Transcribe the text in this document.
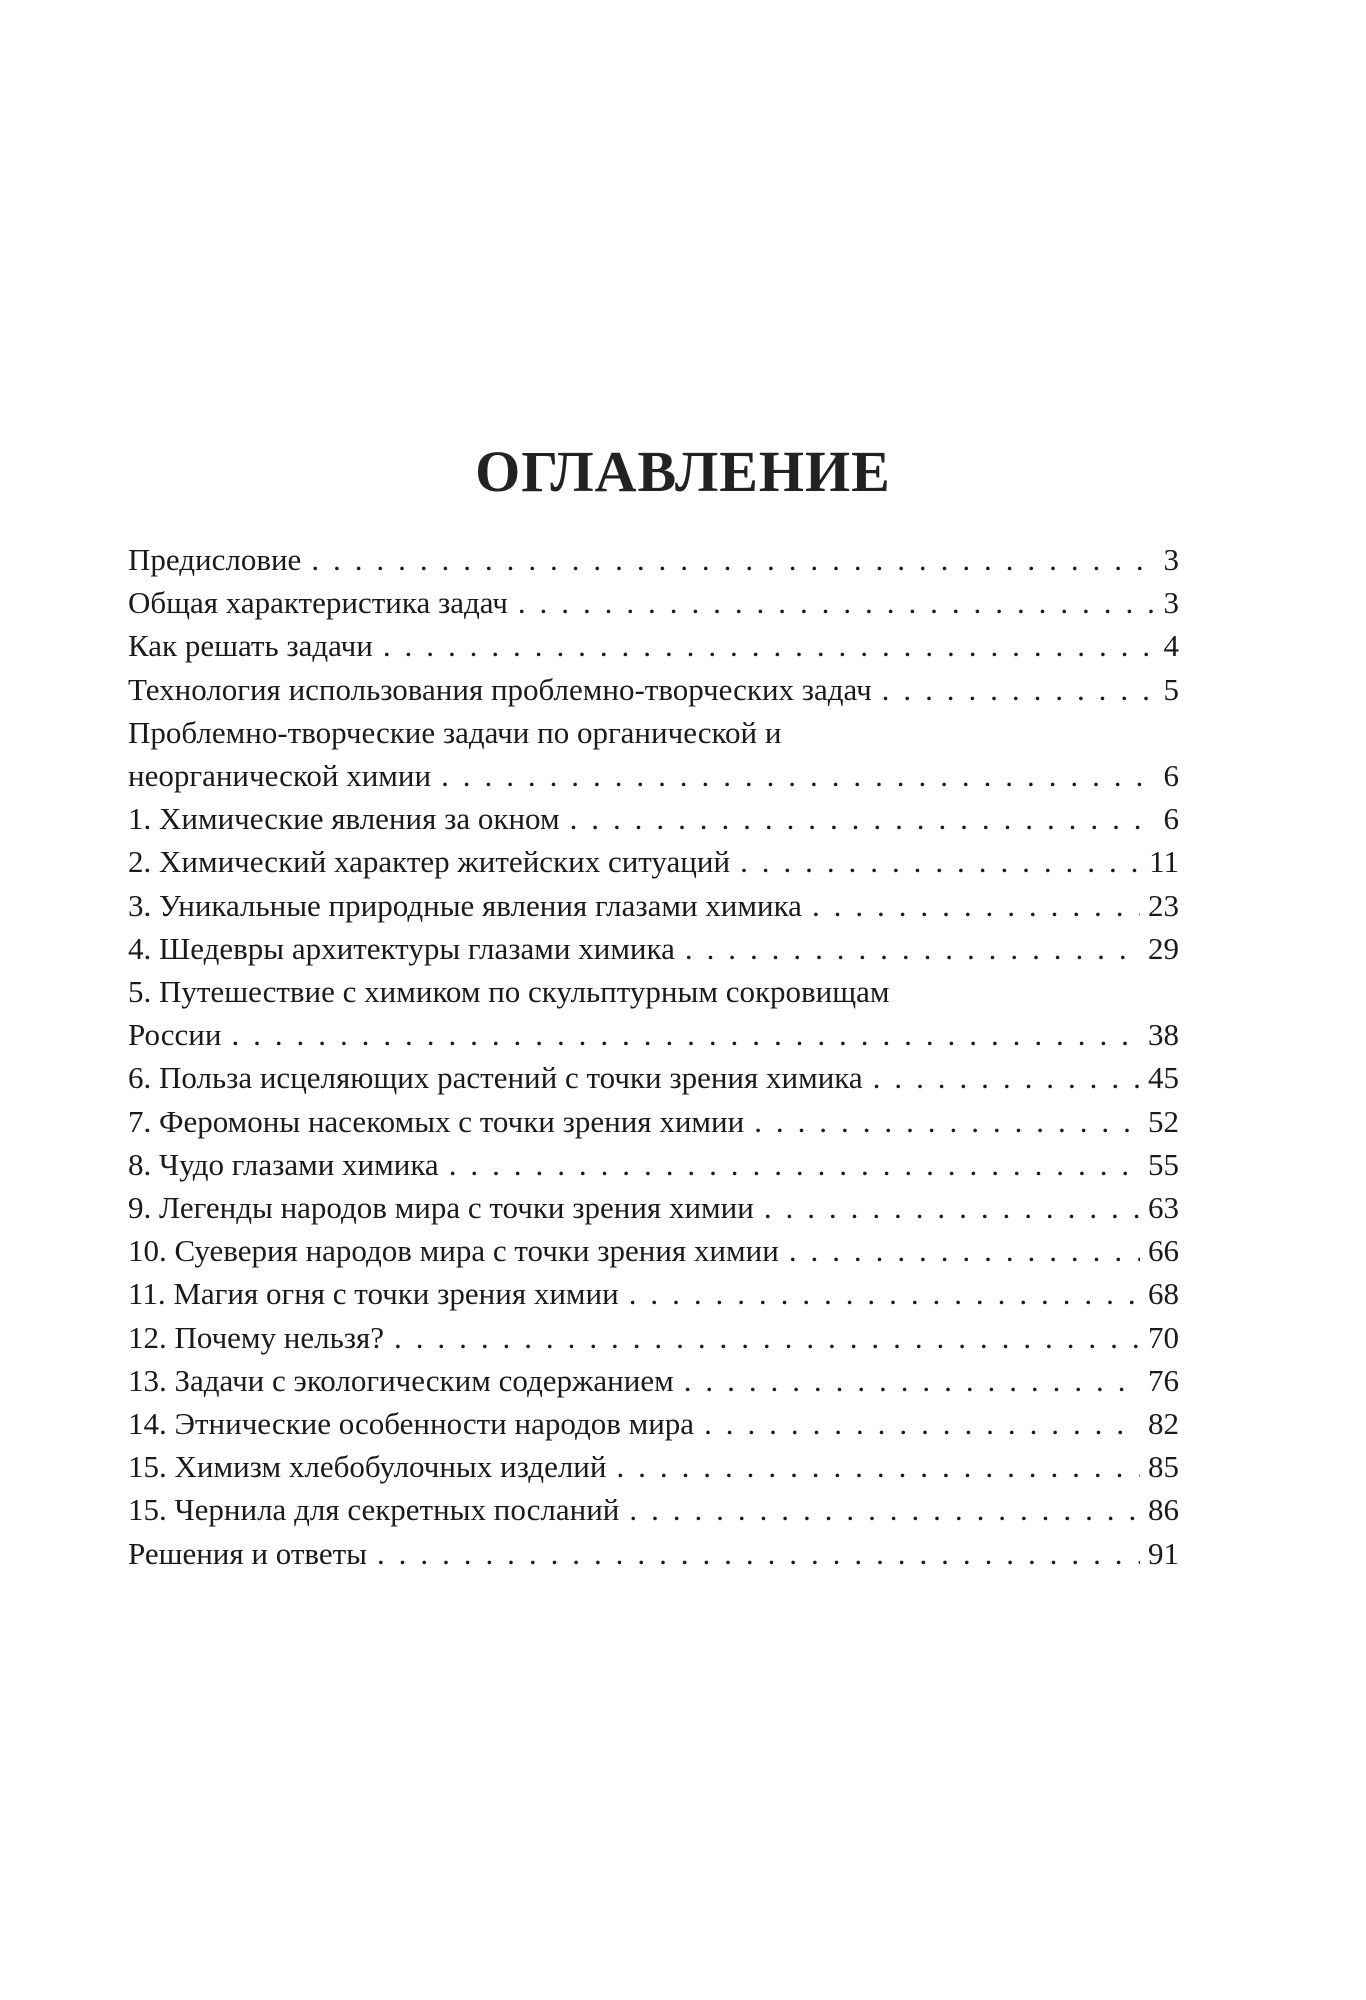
ОГЛАВЛЕНИЕ
Предисловие . . .	3
Общая характеристика задач . . .	3
Как решать задачи . . .	4
Технология использования проблемно-творческих задач . . .	5
Проблемно-творческие задачи по органической и
неорганической химии . . .	6
1. Химические явления за окном . . .	6
2. Химический характер житейских ситуаций . . .	11
3. Уникальные природные явления глазами химика . . .	23
4. Шедевры архитектуры глазами химика . . .	29
5. Путешествие с химиком по скульптурным сокровищам
России . . .	38
6. Польза исцеляющих растений с точки зрения химика . . .	45
7. Феромоны насекомых с точки зрения химии . . .	52
8. Чудо глазами химика . . .	55
9. Легенды народов мира с точки зрения химии . . .	63
10. Суеверия народов мира с точки зрения химии . . .	66
11. Магия огня с точки зрения химии . . .	68
12. Почему нельзя? . . .	70
13. Задачи с экологическим содержанием . . .	76
14. Этнические особенности народов мира . . .	82
15. Химизм хлебобулочных изделий . . .	85
15. Чернила для секретных посланий . . .	86
Решения и ответы . . .	91
